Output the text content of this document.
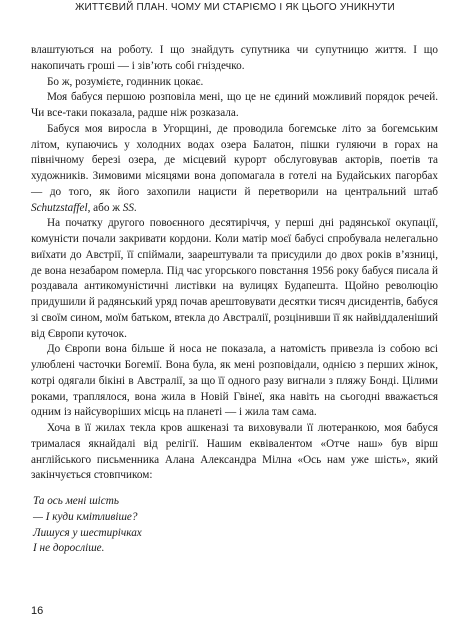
ЖИТТЄВИЙ ПЛАН. ЧОМУ МИ СТАРІЄМО І ЯК ЦЬОГО УНИКНУТИ

влаштуються на роботу. І що знайдуть супутника чи супутницю життя. І що накопичать гроші — і зів’ють собі гніздечко.

Бо ж, розумієте, годинник цокає.

Моя бабуся першою розповіла мені, що це не єдиний можливий порядок речей. Чи все-таки показала, радше ніж розказала.

Бабуся моя виросла в Угорщині, де проводила богемське літо за богемським літом, купаючись у холодних водах озера Балатон, пішки гуляючи в горах на північному березі озера, де місцевий курорт обслуговував акторів, поетів та художників. Зимовими місяцями вона допомагала в готелі на Будайських пагорбах — до того, як його захопили нацисти й перетворили на центральний штаб Schutzstaffel, або ж SS.

На початку другого повоєнного десятиріччя, у перші дні радянської окупації, комуністи почали закривати кордони. Коли матір моєї бабусі спробувала нелегально виїхати до Австрії, її спіймали, заарештували та присудили до двох років в’язниці, де вона незабаром померла. Під час угорського повстання 1956 року бабуся писала й роздавала антикомуністичні листівки на вулицях Будапешта. Щойно революцію придушили й радянський уряд почав арештовувати десятки тисяч дисидентів, бабуся зі своїм сином, моїм батьком, втекла до Австралії, розцінивши її як найвіддаленіший від Європи куточок.

До Європи вона більше й носа не показала, а натомість привезла із собою всі улюблені часточки Богемії. Вона була, як мені розповідали, однією з перших жінок, котрі одягали бікіні в Австралії, за що її одного разу вигнали з пляжу Бонді. Цілими роками, траплялося, вона жила в Новій Гвінеї, яка навіть на сьогодні вважається одним із найсуворіших місць на планеті — і жила там сама.

Хоча в її жилах текла кров ашкеназі та виховували її лютеранкою, моя бабуся трималася якнайдалі від релігії. Нашим еквівалентом «Отче наш» був вірш англійського письменника Алана Александра Мілна «Ось нам уже шість», який закінчується стовпчиком:

Та ось мені шість
— І куди кмітливіше?
Лишуся у шестирічках
І не доросліше.
16
